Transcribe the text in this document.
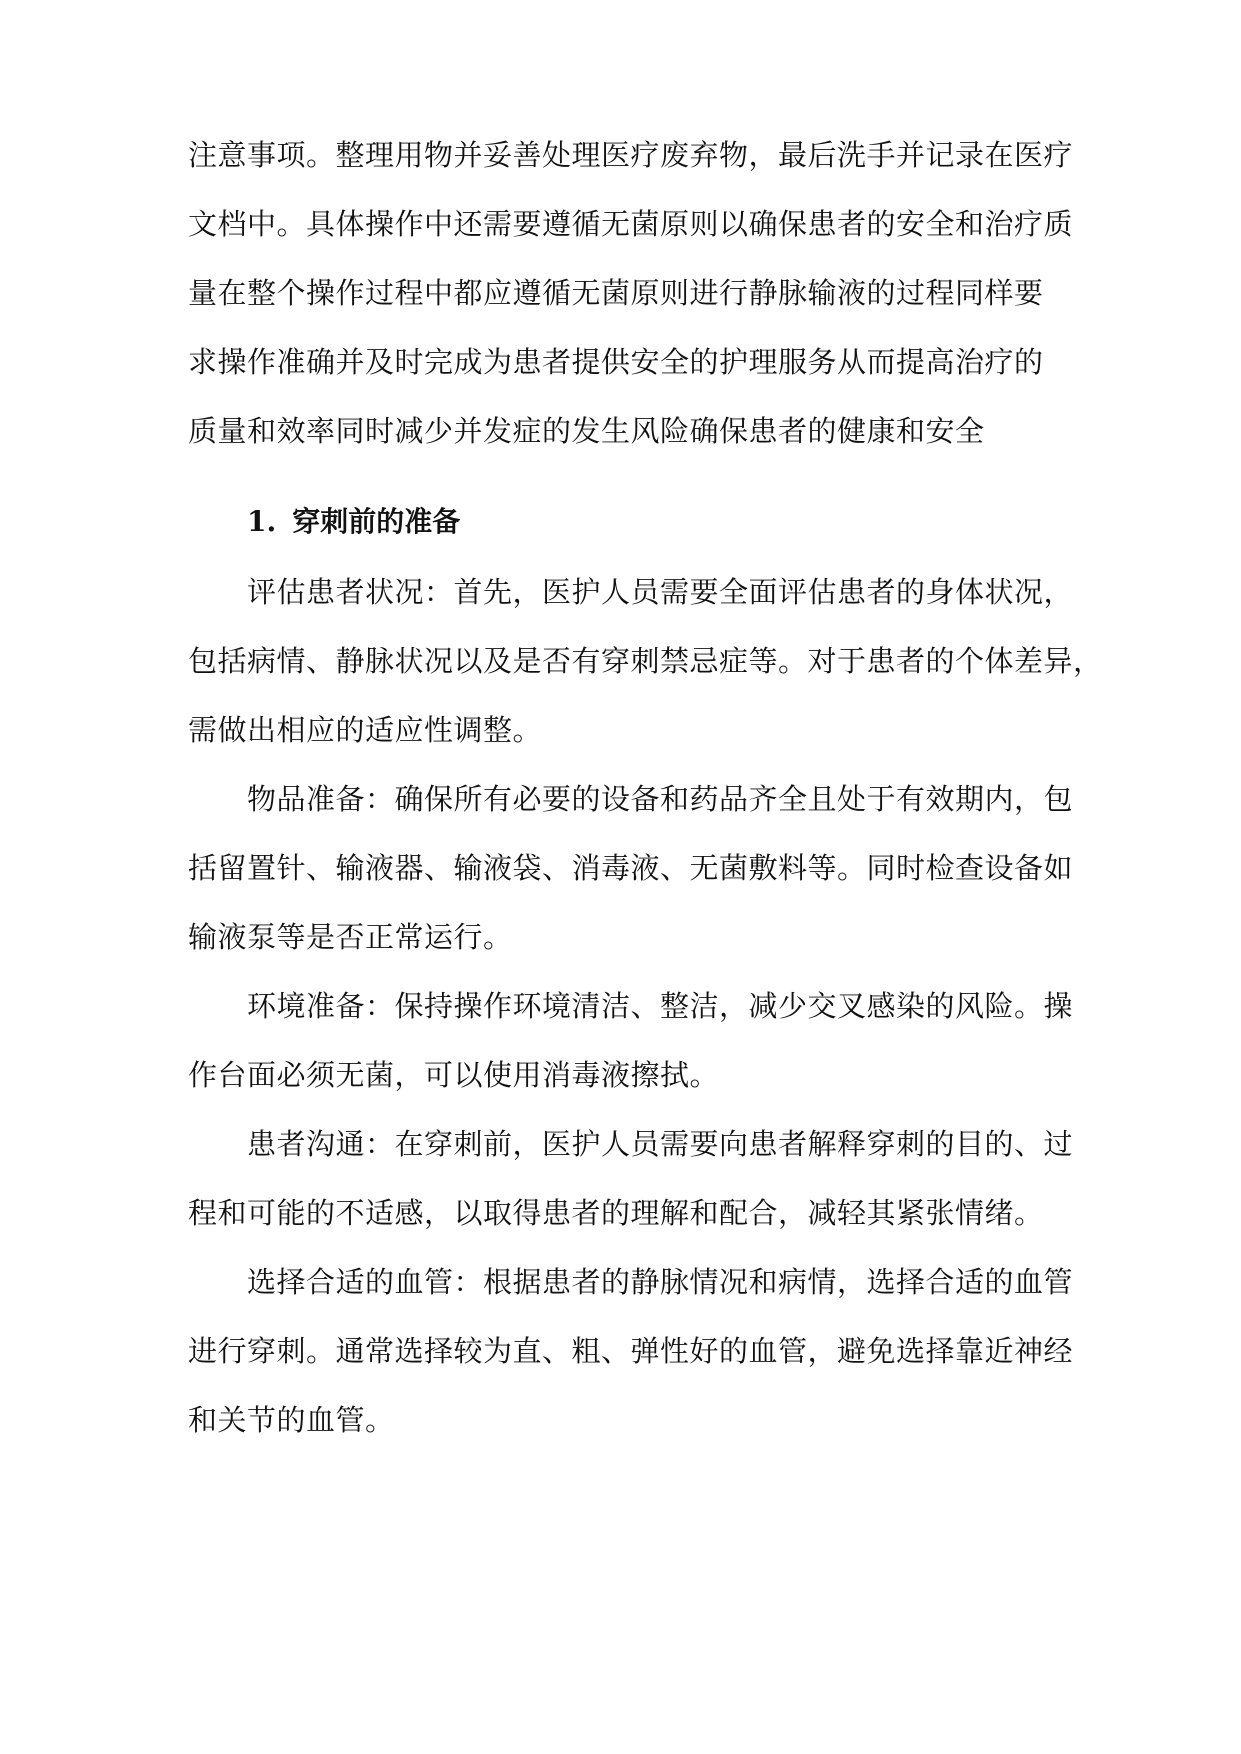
注意事项。整理用物并妥善处理医疗废弃物，最后洗手并记录在医疗
文档中。具体操作中还需要遵循无菌原则以确保患者的安全和治疗质
量在整个操作过程中都应遵循无菌原则进行静脉输液的过程同样要
求操作准确并及时完成为患者提供安全的护理服务从而提高治疗的
质量和效率同时减少并发症的发生风险确保患者的健康和安全
1. 穿刺前的准备
评估患者状况：首先，医护人员需要全面评估患者的身体状况，
包括病情、静脉状况以及是否有穿刺禁忌症等。对于患者的个体差异，
需做出相应的适应性调整。
物品准备：确保所有必要的设备和药品齐全且处于有效期内，包
括留置针、输液器、输液袋、消毒液、无菌敷料等。同时检查设备如
输液泵等是否正常运行。
环境准备：保持操作环境清洁、整洁，减少交叉感染的风险。操
作台面必须无菌，可以使用消毒液擦拭。
患者沟通：在穿刺前，医护人员需要向患者解释穿刺的目的、过
程和可能的不适感，以取得患者的理解和配合，减轻其紧张情绪。
选择合适的血管：根据患者的静脉情况和病情，选择合适的血管
进行穿刺。通常选择较为直、粗、弹性好的血管，避免选择靠近神经
和关节的血管。
